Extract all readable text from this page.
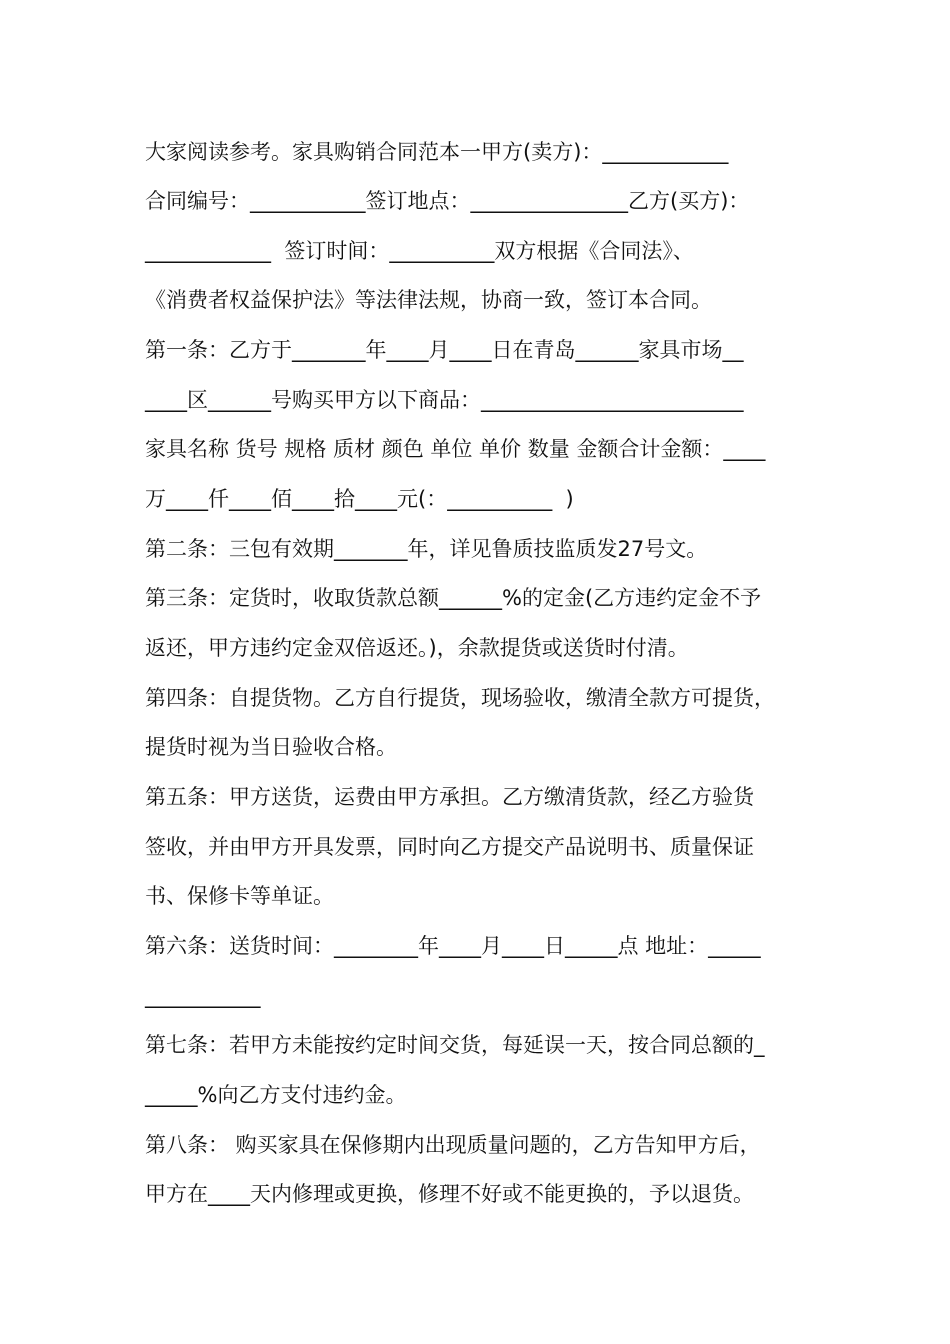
大家阅读参考。家具购销合同范本一甲方(卖方)：____________
合同编号：___________签订地点：_______________乙方(买方)：
____________  签订时间：__________双方根据《合同法》、
《消费者权益保护法》等法律法规，协商一致，签订本合同。
第一条：乙方于_______年____月____日在青岛______家具市场__
____区______号购买甲方以下商品：_________________________
家具名称 货号 规格 质材 颜色 单位 单价 数量 金额合计金额：____
万____仟____佰____拾____元(：__________  )
第二条：三包有效期_______年，详见鲁质技监质发27号文。
第三条：定货时，收取货款总额______%的定金(乙方违约定金不予
返还，甲方违约定金双倍返还。)，余款提货或送货时付清。
第四条：自提货物。乙方自行提货，现场验收，缴清全款方可提货，
提货时视为当日验收合格。
第五条：甲方送货，运费由甲方承担。乙方缴清货款，经乙方验货
签收，并由甲方开具发票，同时向乙方提交产品说明书、质量保证
书、保修卡等单证。
第六条：送货时间：________年____月____日_____点 地址：_____
___________
第七条：若甲方未能按约定时间交货，每延误一天，按合同总额的_
_____%向乙方支付违约金。
第八条： 购买家具在保修期内出现质量问题的，乙方告知甲方后，
甲方在____天内修理或更换，修理不好或不能更换的，予以退货。
